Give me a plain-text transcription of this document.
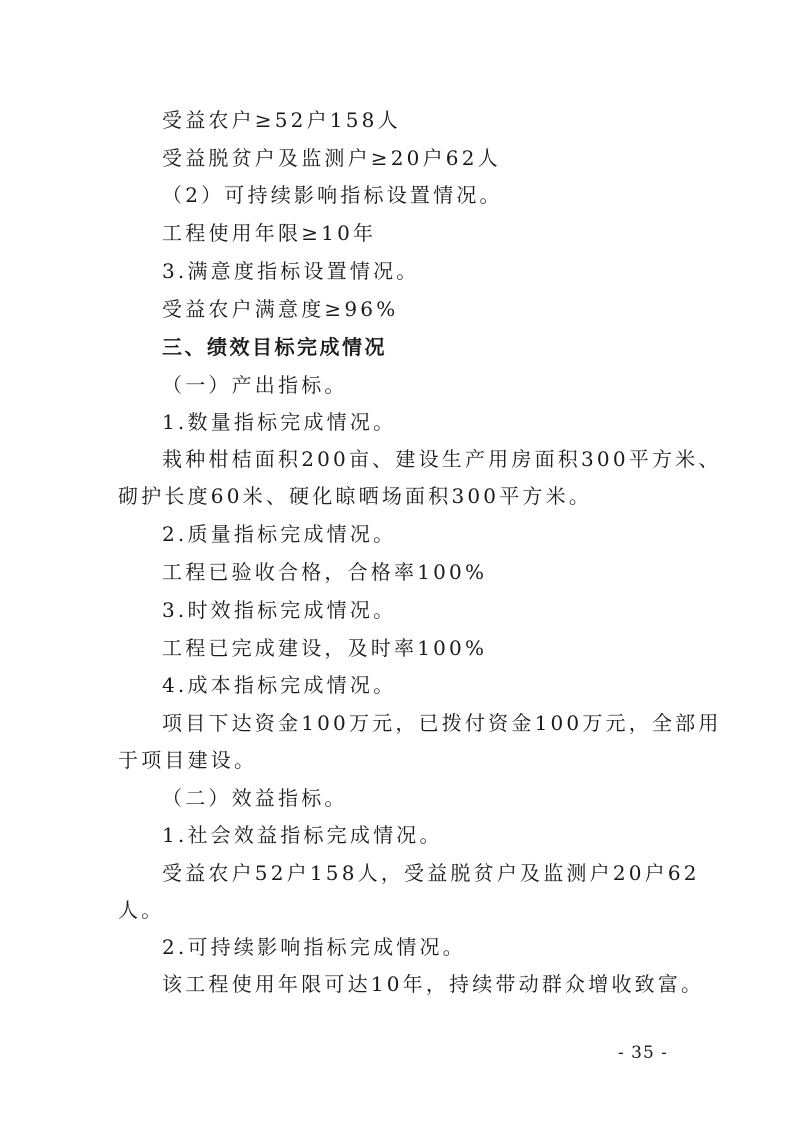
受益农户≥52户158人
受益脱贫户及监测户≥20户62人
（2）可持续影响指标设置情况。
工程使用年限≥10年
3.满意度指标设置情况。
受益农户满意度≥96%
三、绩效目标完成情况
（一）产出指标。
1.数量指标完成情况。
栽种柑桔面积200亩、建设生产用房面积300平方米、
砌护长度60米、硬化晾晒场面积300平方米。
2.质量指标完成情况。
工程已验收合格，合格率100%
3.时效指标完成情况。
工程已完成建设，及时率100%
4.成本指标完成情况。
项目下达资金100万元，已拨付资金100万元，全部用
于项目建设。
（二）效益指标。
1.社会效益指标完成情况。
受益农户52户158人，受益脱贫户及监测户20户62
人。
2.可持续影响指标完成情况。
该工程使用年限可达10年，持续带动群众增收致富。
- 35 -
